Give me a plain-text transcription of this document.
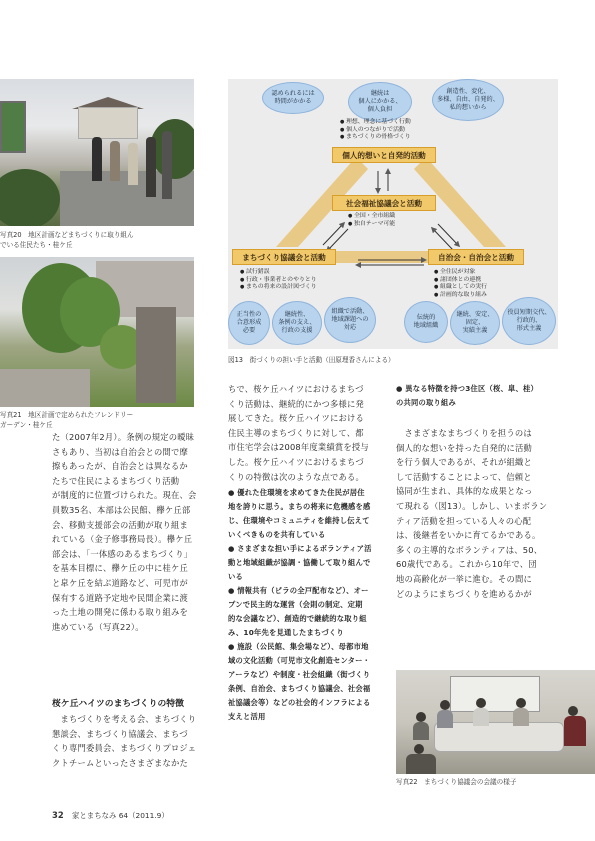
写真20　地区計画などまちづくりに取り組ん
でいる住民たち・桂ケ丘
写真21　地区計画で定められたフレンドリー
ガーデン・桂ケ丘
認められるには
時間がかかる
継続は
個人にかかる、
個人負担
創造性、変化、
多様、自由、自発的、
私的想いから
● 理想、理念に基づく行動
● 個人のつながりで活動
● まちづくりの骨格づくり
個人的想いと自発的活動
社会福祉協議会と活動
● 全国・全市組織
● 独自テーマ可能
まちづくり協議会と活動	自治会・自治会と活動
● 試行錯誤
● 行政・事業者とのやりとり
● まちの将来の設計図づくり
● 全住民が対象
● 諸団体との連携
● 組織としての実行
● 計画的な取り組み
正当性の
合意形成
必要
継続性、
条例の支え、
行政の支援
組織で活動、
地域課題への
対応
伝統的
地域組織
継続、安定、
固定、
実績主義
役員短期交代、
行政的、
形式主義
図13　街づくりの担い手と活動（田原理香さんによる）

た（2007年2月）。条例の規定の曖昧

さもあり、当初は自治会との間で摩

擦もあったが、自治会とは異なるか

たちで住民によるまちづくり活動

が制度的に位置づけられた。現在、会

員数35名、本部は公民館、欅ケ丘部

会、移動支援部会の活動が取り組ま

れている（金子修事務局長）。欅ケ丘

部会は、「一体感のあるまちづくり」

を基本目標に、欅ケ丘の中に桂ケ丘

と皐ケ丘を結ぶ道路など、可児市が

保有する道路予定地や民間企業に渡

った土地の開発に係わる取り組みを

進めている（写真22）。

桜ケ丘ハイツのまちづくりの特徴

　まちづくりを考える会、まちづくり

懇談会、まちづくり協議会、まちづ

くり専門委員会、まちづくりプロジェ

クトチームといったさまざまなかた

ちで、桜ケ丘ハイツにおけるまちづ

くり活動は、継続的にかつ多様に発

展してきた。桜ケ丘ハイツにおける

住民主導のまちづくりに対して、都

市住宅学会は2008年度業績賞を授与

した。桜ケ丘ハイツにおけるまちづ

くりの特徴は次のような点である。

● 優れた住環境を求めてきた住民が居住

地を誇りに思う。まちの将来に危機感を感

じ、住環境やコミュニティを維持し伝えて

いくべきものを共有している

● さまざまな担い手によるボランティア活

動と地域組織が協調・協働して取り組んで

いる

● 情報共有（ビラの全戸配布など）、オー

プンで民主的な運営（会則の制定、定期

的な会議など）、創造的で継続的な取り組

み、10年先を見通したまちづくり

● 施設（公民館、集会場など）、母都市地

域の文化活動（可児市文化創造センター・

アーラなど）や制度・社会組織（街づくり

条例、自治会、まちづくり協議会、社会福

祉協議会等）などの社会的インフラによる

支えと活用

● 異なる特徴を持つ3住区（桜、皐、桂）

の共同の取り組み

　さまざまなまちづくりを担うのは

個人的な想いを持った自発的に活動

を行う個人であるが、それが組織と

して活動することによって、信頼と

協同が生まれ、具体的な成果となっ

て現れる（図13）。しかし、いまボラン

ティア活動を担っている人々の心配

は、後継者をいかに育てるかである。

多くの主導的なボランティアは、50、

60歳代である。これから10年で、団

地の高齢化が一挙に進む。その間に

どのようにまちづくりを進めるかが

写真22　まちづくり協議会の会議の様子
32 家とまちなみ 64（2011.9）
